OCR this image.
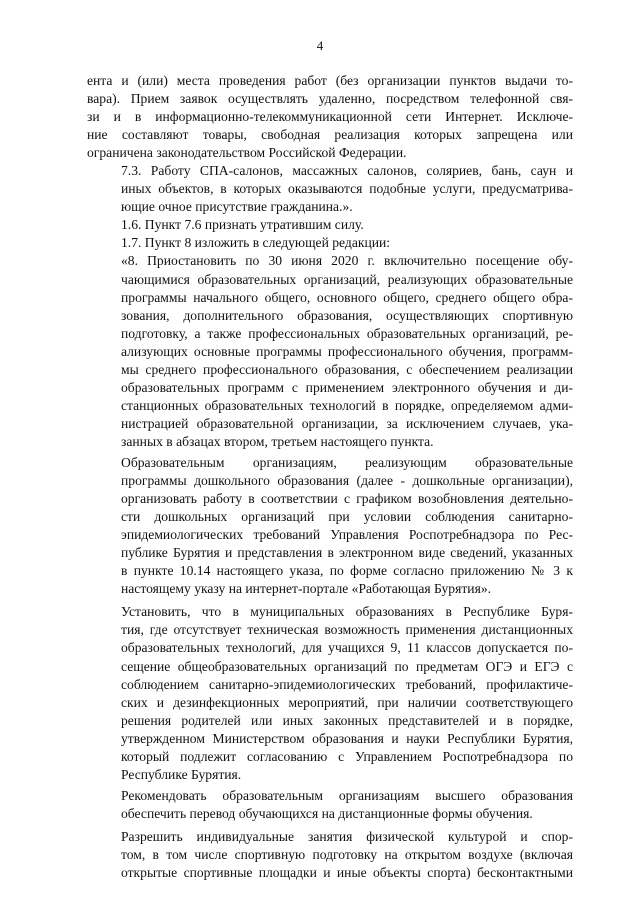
4

ента и (или) места проведения работ (без организации пунктов выдачи то-
вара). Прием заявок осуществлять удаленно, посредством телефонной свя-
зи и в информационно-телекоммуникационной сети Интернет. Исключе-
ние составляют товары, свободная реализация которых запрещена или
ограничена законодательством Российской Федерации.

7.3. Работу СПА-салонов, массажных салонов, соляриев, бань, саун и
иных объектов, в которых оказываются подобные услуги, предусматрива-
ющие очное присутствие гражданина.».

1.6. Пункт 7.6 признать утратившим силу.

1.7. Пункт 8 изложить в следующей редакции:

«8. Приостановить по 30 июня 2020 г. включительно посещение обу-
чающимися образовательных организаций, реализующих образовательные
программы начального общего, основного общего, среднего общего обра-
зования, дополнительного образования, осуществляющих спортивную
подготовку, а также профессиональных образовательных организаций, ре-
ализующих основные программы профессионального обучения, программ-
мы среднего профессионального образования, с обеспечением реализации
образовательных программ с применением электронного обучения и ди-
станционных образовательных технологий в порядке, определяемом адми-
нистрацией образовательной организации, за исключением случаев, ука-
занных в абзацах втором, третьем настоящего пункта.

Образовательным организациям, реализующим образовательные
программы дошкольного образования (далее - дошкольные организации),
организовать работу в соответствии с графиком возобновления деятельно-
сти дошкольных организаций при условии соблюдения санитарно-
эпидемиологических требований Управления Роспотребнадзора по Рес-
публике Бурятия и представления в электронном виде сведений, указанных
в пункте 10.14 настоящего указа, по форме согласно приложению № 3 к
настоящему указу на интернет-портале «Работающая Бурятия».

Установить, что в муниципальных образованиях в Республике Буря-
тия, где отсутствует техническая возможность применения дистанционных
образовательных технологий, для учащихся 9, 11 классов допускается по-
сещение общеобразовательных организаций по предметам ОГЭ и ЕГЭ с
соблюдением санитарно-эпидемиологических требований, профилактиче-
ских и дезинфекционных мероприятий, при наличии соответствующего
решения родителей или иных законных представителей и в порядке,
утвержденном Министерством образования и науки Республики Бурятия,
который подлежит согласованию с Управлением Роспотребнадзора по
Республике Бурятия.

Рекомендовать образовательным организациям высшего образования
обеспечить перевод обучающихся на дистанционные формы обучения.

Разрешить индивидуальные занятия физической культурой и спор-
том, в том числе спортивную подготовку на открытом воздухе (включая
открытые спортивные площадки и иные объекты спорта) бесконтактными
